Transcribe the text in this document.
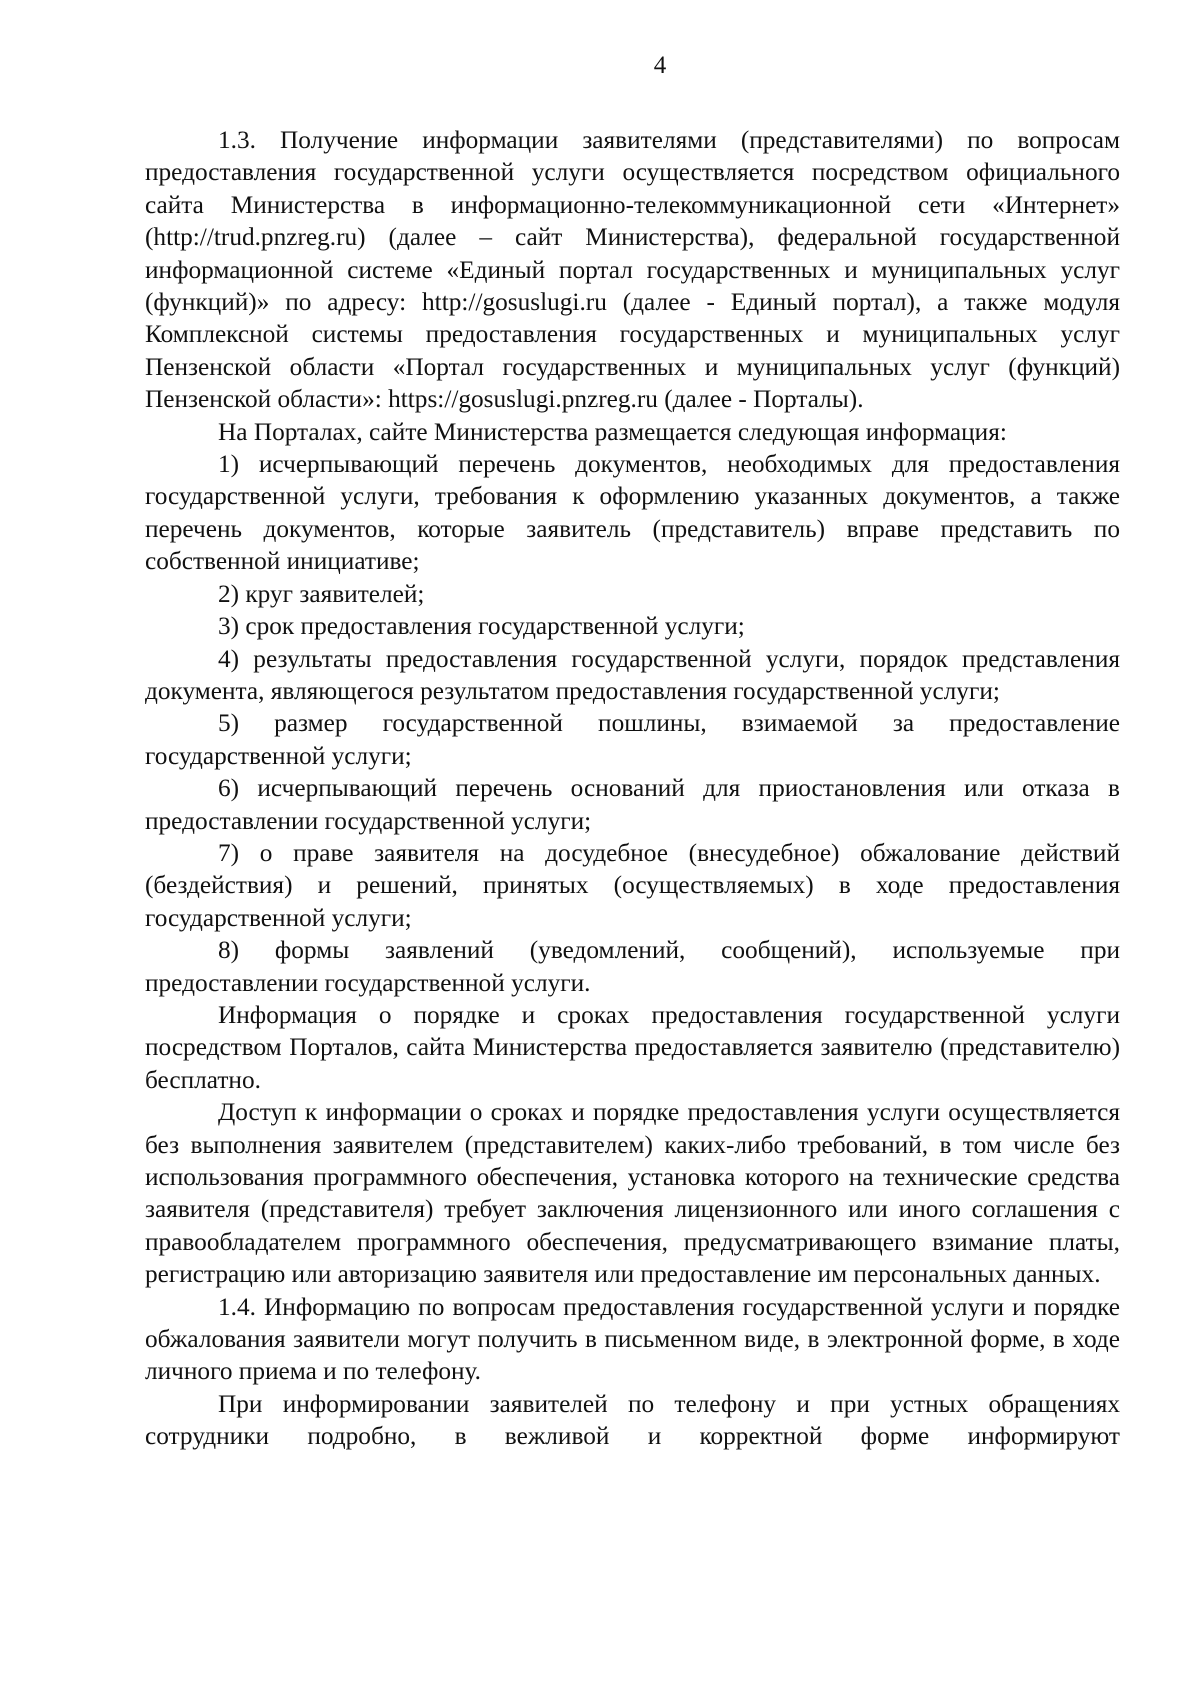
4

1.3. Получение информации заявителями (представителями) по вопросам предоставления государственной услуги осуществляется посредством официального сайта Министерства в информационно-телекоммуникационной сети «Интернет» (http://trud.pnzreg.ru) (далее – сайт Министерства), федеральной государственной информационной системе «Единый портал государственных и муниципальных услуг (функций)» по адресу: http://gosuslugi.ru (далее - Единый портал), а также модуля Комплексной системы предоставления государственных и муниципальных услуг Пензенской области «Портал государственных и муниципальных услуг (функций) Пензенской области»: https://gosuslugi.pnzreg.ru (далее - Порталы).

На Порталах, сайте Министерства размещается следующая информация:

1) исчерпывающий перечень документов, необходимых для предоставления государственной услуги, требования к оформлению указанных документов, а также перечень документов, которые заявитель (представитель) вправе представить по собственной инициативе;

2) круг заявителей;

3) срок предоставления государственной услуги;

4) результаты предоставления государственной услуги, порядок представления документа, являющегося результатом предоставления государственной услуги;

5) размер государственной пошлины, взимаемой за предоставление государственной услуги;

6) исчерпывающий перечень оснований для приостановления или отказа в предоставлении государственной услуги;

7) о праве заявителя на досудебное (внесудебное) обжалование действий (бездействия) и решений, принятых (осуществляемых) в ходе предоставления государственной услуги;

8) формы заявлений (уведомлений, сообщений), используемые при предоставлении государственной услуги.

Информация о порядке и сроках предоставления государственной услуги посредством Порталов, сайта Министерства предоставляется заявителю (представителю) бесплатно.

Доступ к информации о сроках и порядке предоставления услуги осуществляется без выполнения заявителем (представителем) каких-либо требований, в том числе без использования программного обеспечения, установка которого на технические средства заявителя (представителя) требует заключения лицензионного или иного соглашения с правообладателем программного обеспечения, предусматривающего взимание платы, регистрацию или авторизацию заявителя или предоставление им персональных данных.

1.4. Информацию по вопросам предоставления государственной услуги и порядке обжалования заявители могут получить в письменном виде, в электронной форме, в ходе личного приема и по телефону.

При информировании заявителей по телефону и при устных обращениях сотрудники подробно, в вежливой и корректной форме информируют
